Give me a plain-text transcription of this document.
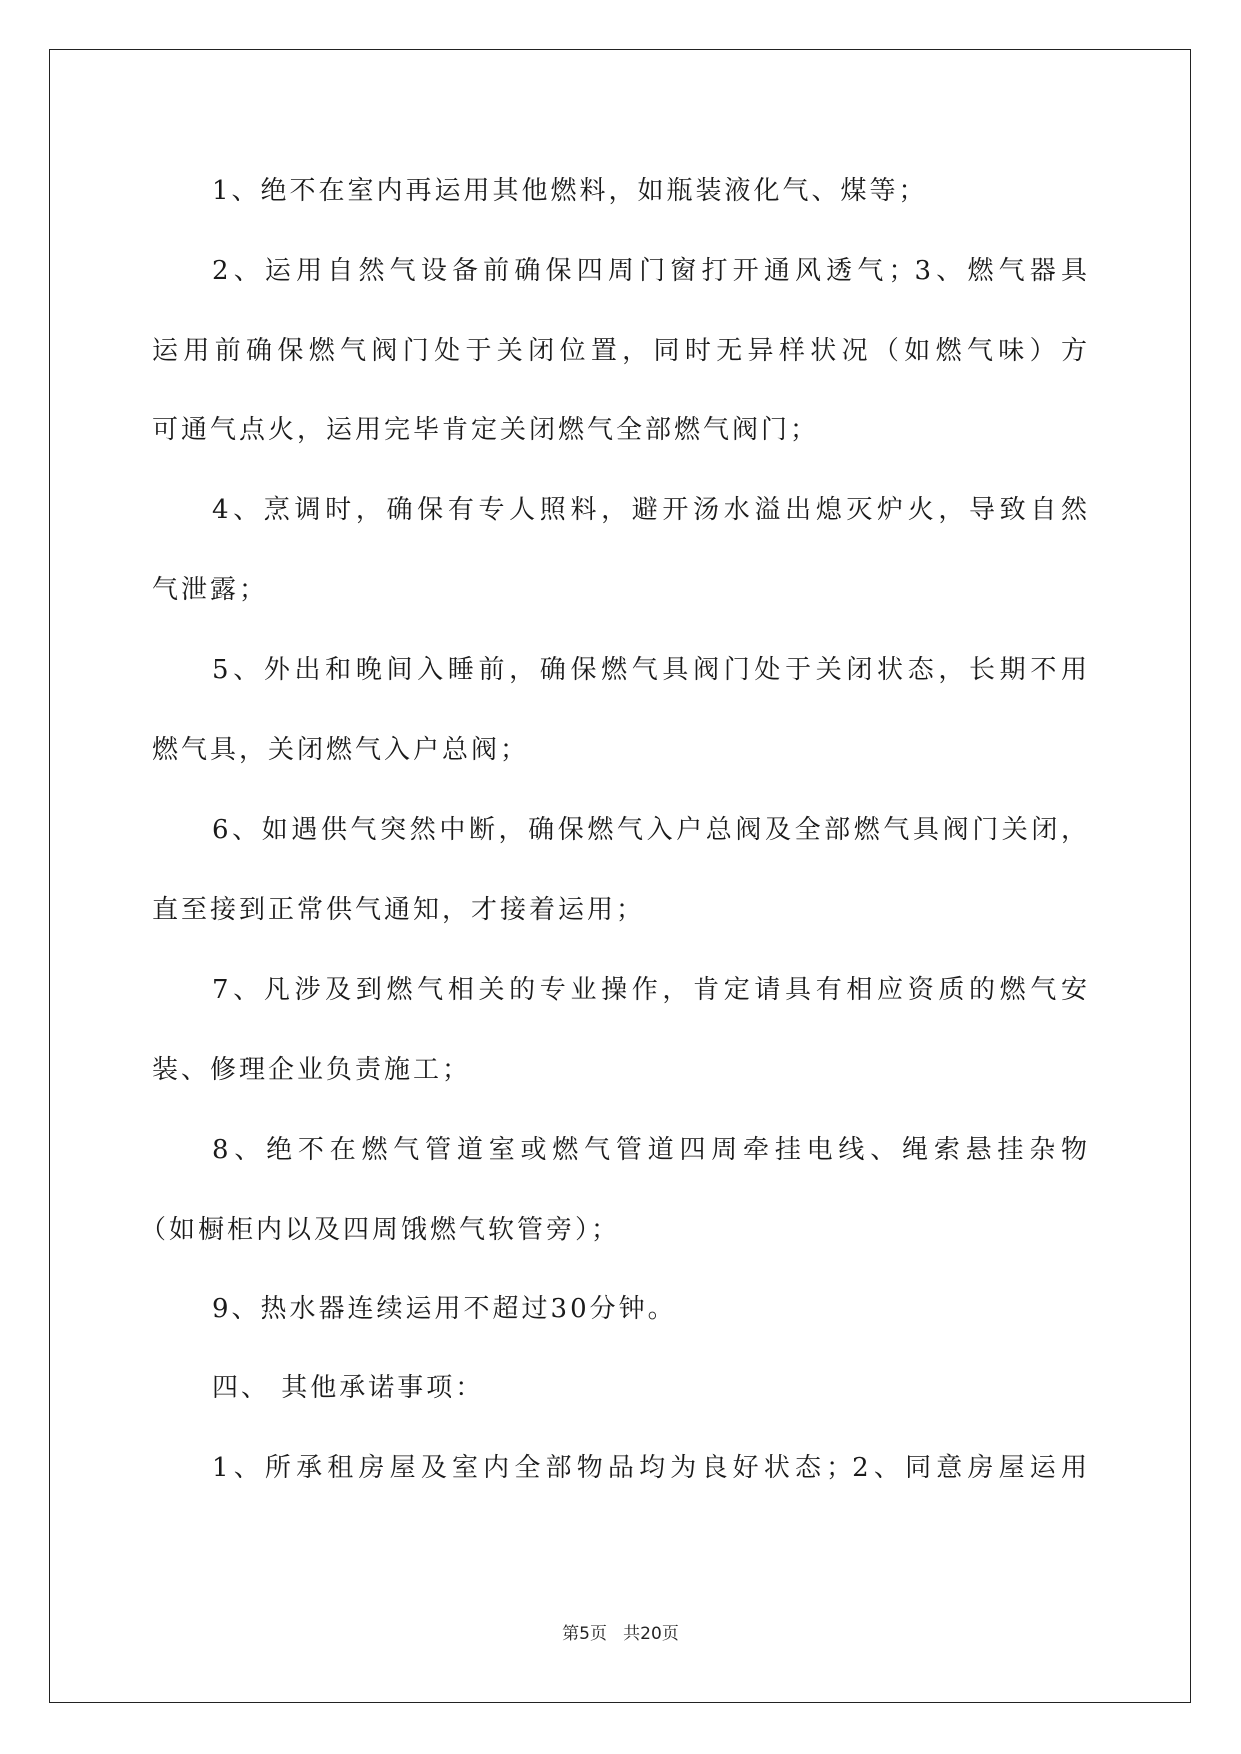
1、绝不在室内再运用其他燃料，如瓶装液化气、煤等；
2、运用自然气设备前确保四周门窗打开通风透气；3、燃气器具
运用前确保燃气阀门处于关闭位置，同时无异样状况（如燃气味）方
可通气点火，运用完毕肯定关闭燃气全部燃气阀门；
4、烹调时，确保有专人照料，避开汤水溢出熄灭炉火，导致自然
气泄露；
5、外出和晚间入睡前，确保燃气具阀门处于关闭状态，长期不用
燃气具，关闭燃气入户总阀；
6、如遇供气突然中断，确保燃气入户总阀及全部燃气具阀门关闭，
直至接到正常供气通知，才接着运用；
7、凡涉及到燃气相关的专业操作，肯定请具有相应资质的燃气安
装、修理企业负责施工；
8、绝不在燃气管道室或燃气管道四周牵挂电线、绳索悬挂杂物
（如橱柜内以及四周饿燃气软管旁）；
9、热水器连续运用不超过30分钟。
四、 其他承诺事项：
1、所承租房屋及室内全部物品均为良好状态；2、同意房屋运用
第5页   共20页
